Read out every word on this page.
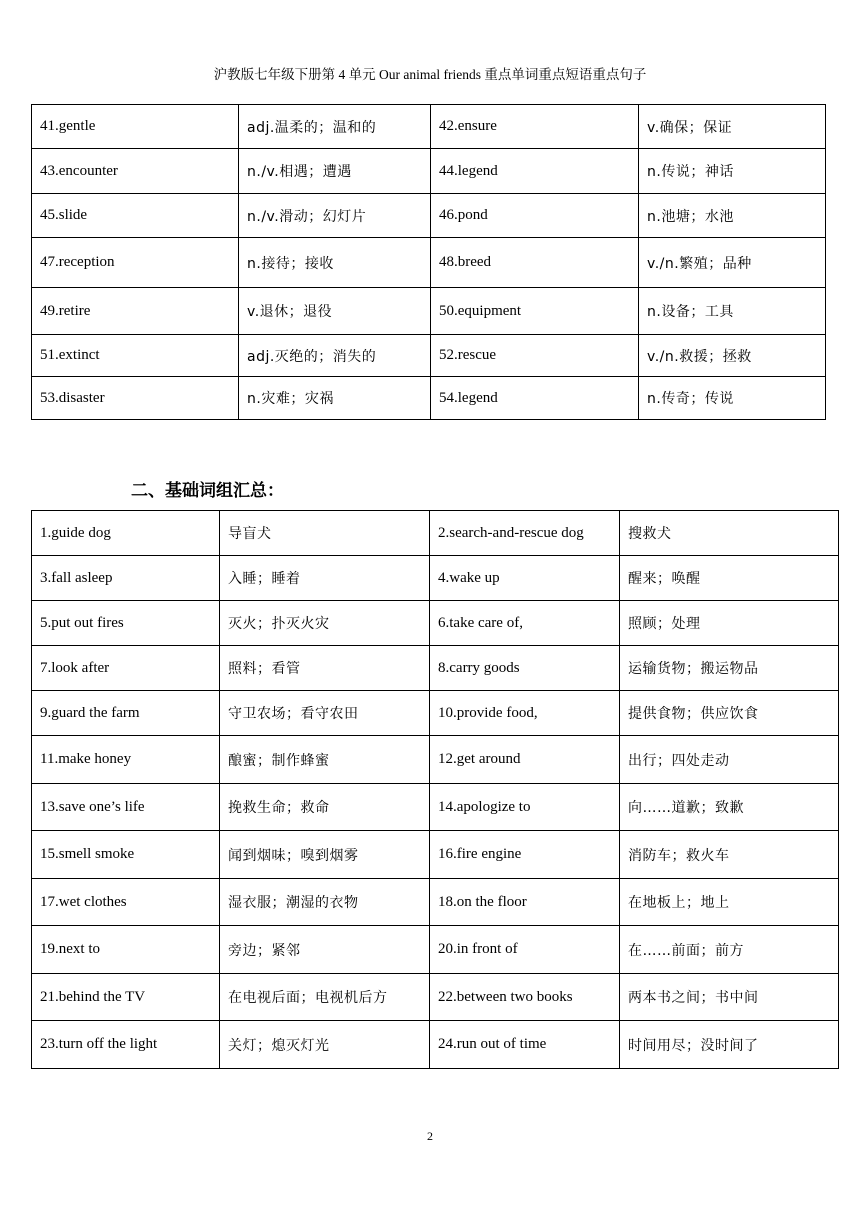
沪教版七年级下册第 4 单元 Our animal friends 重点单词重点短语重点句子
41.gentle	adj.温柔的；温和的	42.ensure	v.确保；保证
43.encounter	n./v.相遇；遭遇	44.legend	n.传说；神话
45.slide	n./v.滑动；幻灯片	46.pond	n.池塘；水池
47.reception	n.接待；接收	48.breed	v./n.繁殖；品种
49.retire	v.退休；退役	50.equipment	n.设备；工具
51.extinct	adj.灭绝的；消失的	52.rescue	v./n.救援；拯救
53.disaster	n.灾难；灾祸	54.legend	n.传奇；传说
二、基础词组汇总：
1.guide dog	导盲犬	2.search-and-rescue dog	搜救犬
3.fall asleep	入睡；睡着	4.wake up	醒来；唤醒
5.put out fires	灭火；扑灭火灾	6.take care of,	照顾；处理
7.look after	照料；看管	8.carry goods	运输货物；搬运物品
9.guard the farm	守卫农场；看守农田	10.provide food,	提供食物；供应饮食
11.make honey	酿蜜；制作蜂蜜	12.get around	出行；四处走动
13.save one’s life	挽救生命；救命	14.apologize to	向……道歉；致歉
15.smell smoke	闻到烟味；嗅到烟雾	16.fire engine	消防车；救火车
17.wet clothes	湿衣服；潮湿的衣物	18.on the floor	在地板上；地上
19.next to	旁边；紧邻	20.in front of	在……前面；前方
21.behind the TV	在电视后面；电视机后方	22.between two books	两本书之间；书中间
23.turn off the light	关灯；熄灭灯光	24.run out of time	时间用尽；没时间了
2
